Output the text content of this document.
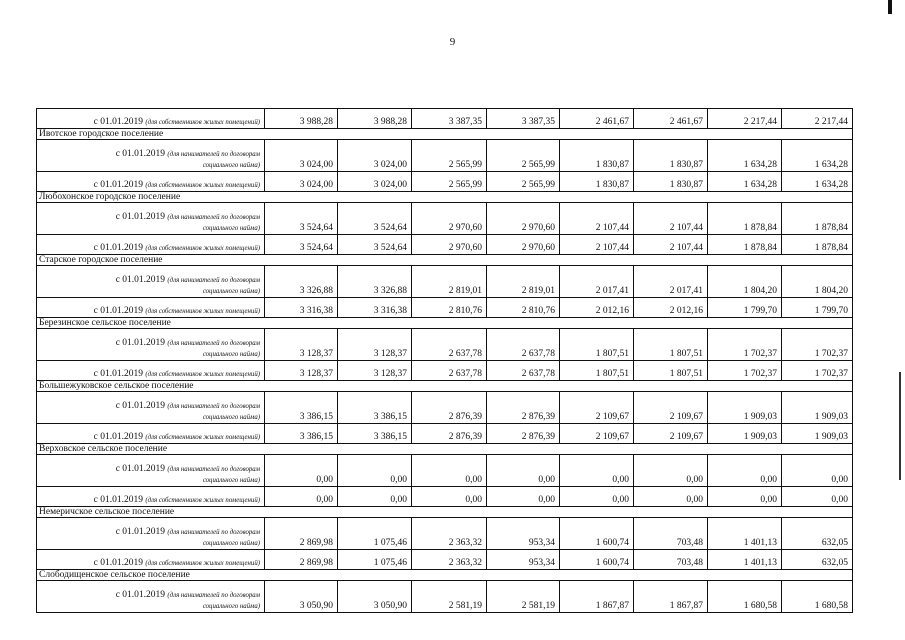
9
с 01.01.2019 (для собственников жилых помещений)	3 988,28	3 988,28	3 387,35	3 387,35	2 461,67	2 461,67	2 217,44	2 217,44
Ивотское городское поселение								
с 01.01.2019 (для нанимателей по договорам
социального найма)	3 024,00	3 024,00	2 565,99	2 565,99	1 830,87	1 830,87	1 634,28	1 634,28
с 01.01.2019 (для собственников жилых помещений)	3 024,00	3 024,00	2 565,99	2 565,99	1 830,87	1 830,87	1 634,28	1 634,28
Любохонское городское поселение								
с 01.01.2019 (для нанимателей по договорам
социального найма)	3 524,64	3 524,64	2 970,60	2 970,60	2 107,44	2 107,44	1 878,84	1 878,84
с 01.01.2019 (для собственников жилых помещений)	3 524,64	3 524,64	2 970,60	2 970,60	2 107,44	2 107,44	1 878,84	1 878,84
Старское городское поселение								
с 01.01.2019 (для нанимателей по договорам
социального найма)	3 326,88	3 326,88	2 819,01	2 819,01	2 017,41	2 017,41	1 804,20	1 804,20
с 01.01.2019 (для собственников жилых помещений)	3 316,38	3 316,38	2 810,76	2 810,76	2 012,16	2 012,16	1 799,70	1 799,70
Березинское сельское поселение								
с 01.01.2019 (для нанимателей по договорам
социального найма)	3 128,37	3 128,37	2 637,78	2 637,78	1 807,51	1 807,51	1 702,37	1 702,37
с 01.01.2019 (для собственников жилых помещений)	3 128,37	3 128,37	2 637,78	2 637,78	1 807,51	1 807,51	1 702,37	1 702,37
Большежуковское сельское поселение								
с 01.01.2019 (для нанимателей по договорам
социального найма)	3 386,15	3 386,15	2 876,39	2 876,39	2 109,67	2 109,67	1 909,03	1 909,03
с 01.01.2019 (для собственников жилых помещений)	3 386,15	3 386,15	2 876,39	2 876,39	2 109,67	2 109,67	1 909,03	1 909,03
Верховское сельское поселение								
с 01.01.2019 (для нанимателей по договорам
социального найма)	0,00	0,00	0,00	0,00	0,00	0,00	0,00	0,00
с 01.01.2019 (для собственников жилых помещений)	0,00	0,00	0,00	0,00	0,00	0,00	0,00	0,00
Немеричское сельское поселение								
с 01.01.2019 (для нанимателей по договорам
социального найма)	2 869,98	1 075,46	2 363,32	953,34	1 600,74	703,48	1 401,13	632,05
с 01.01.2019 (для собственников жилых помещений)	2 869,98	1 075,46	2 363,32	953,34	1 600,74	703,48	1 401,13	632,05
Слободищенское сельское поселение								
с 01.01.2019 (для нанимателей по договорам
социального найма)	3 050,90	3 050,90	2 581,19	2 581,19	1 867,87	1 867,87	1 680,58	1 680,58
